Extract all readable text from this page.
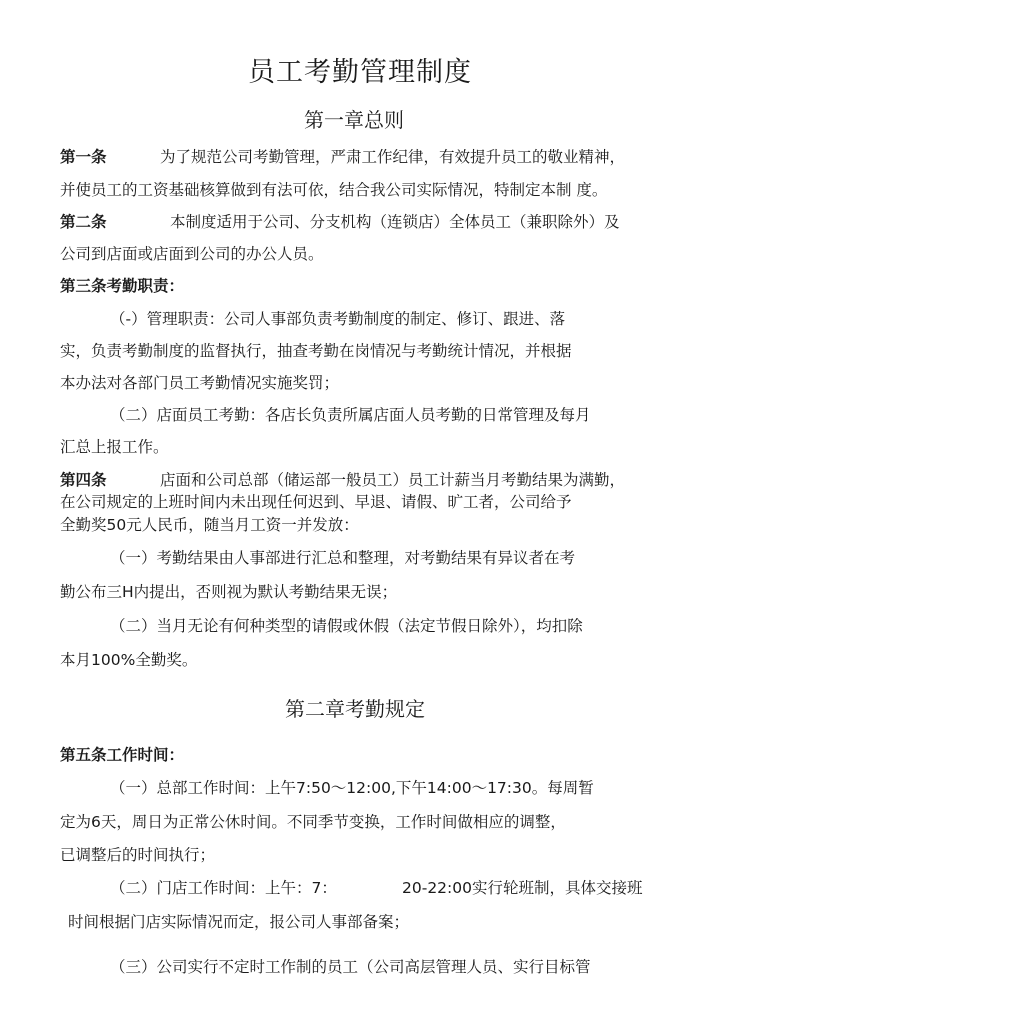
员工考勤管理制度
第一章总则
第一条	为了规范公司考勤管理，严肃工作纪律，有效提升员工的敬业精神，
并使员工的工资基础核算做到有法可依，结合我公司实际情况，特制定本制 度。
第二条	本制度适用于公司、分支机构（连锁店）全体员工（兼职除外）及
公司到店面或店面到公司的办公人员。
第三条考勤职责：
（-）管理职责：公司人事部负责考勤制度的制定、修订、跟进、落
实，负责考勤制度的监督执行，抽查考勤在岗情况与考勤统计情况，并根据
本办法对各部门员工考勤情况实施奖罚；
（二）店面员工考勤：各店长负责所属店面人员考勤的日常管理及每月
汇总上报工作。
第四条	店面和公司总部（储运部一般员工）员工计薪当月考勤结果为满勤，
在公司规定的上班时间内未出现任何迟到、早退、请假、旷工者，公司给予
全勤奖50元人民币，随当月工资一并发放：
（一）考勤结果由人事部进行汇总和整理，对考勤结果有异议者在考
勤公布三H内提出，否则视为默认考勤结果无误；
（二）当月无论有何种类型的请假或休假（法定节假日除外），均扣除
本月100%全勤奖。
第二章考勤规定
第五条工作时间：
（一）总部工作时间：上午7:50〜12:00,下午14:00〜17:30。每周暂
定为6天，周日为正常公休时间。不同季节变换，工作时间做相应的调整，
已调整后的时间执行；
（二）门店工作时间：上午：7：	20-22:00实行轮班制，具体交接班
时间根据门店实际情况而定，报公司人事部备案；
（三）公司实行不定时工作制的员工（公司高层管理人员、实行目标管
